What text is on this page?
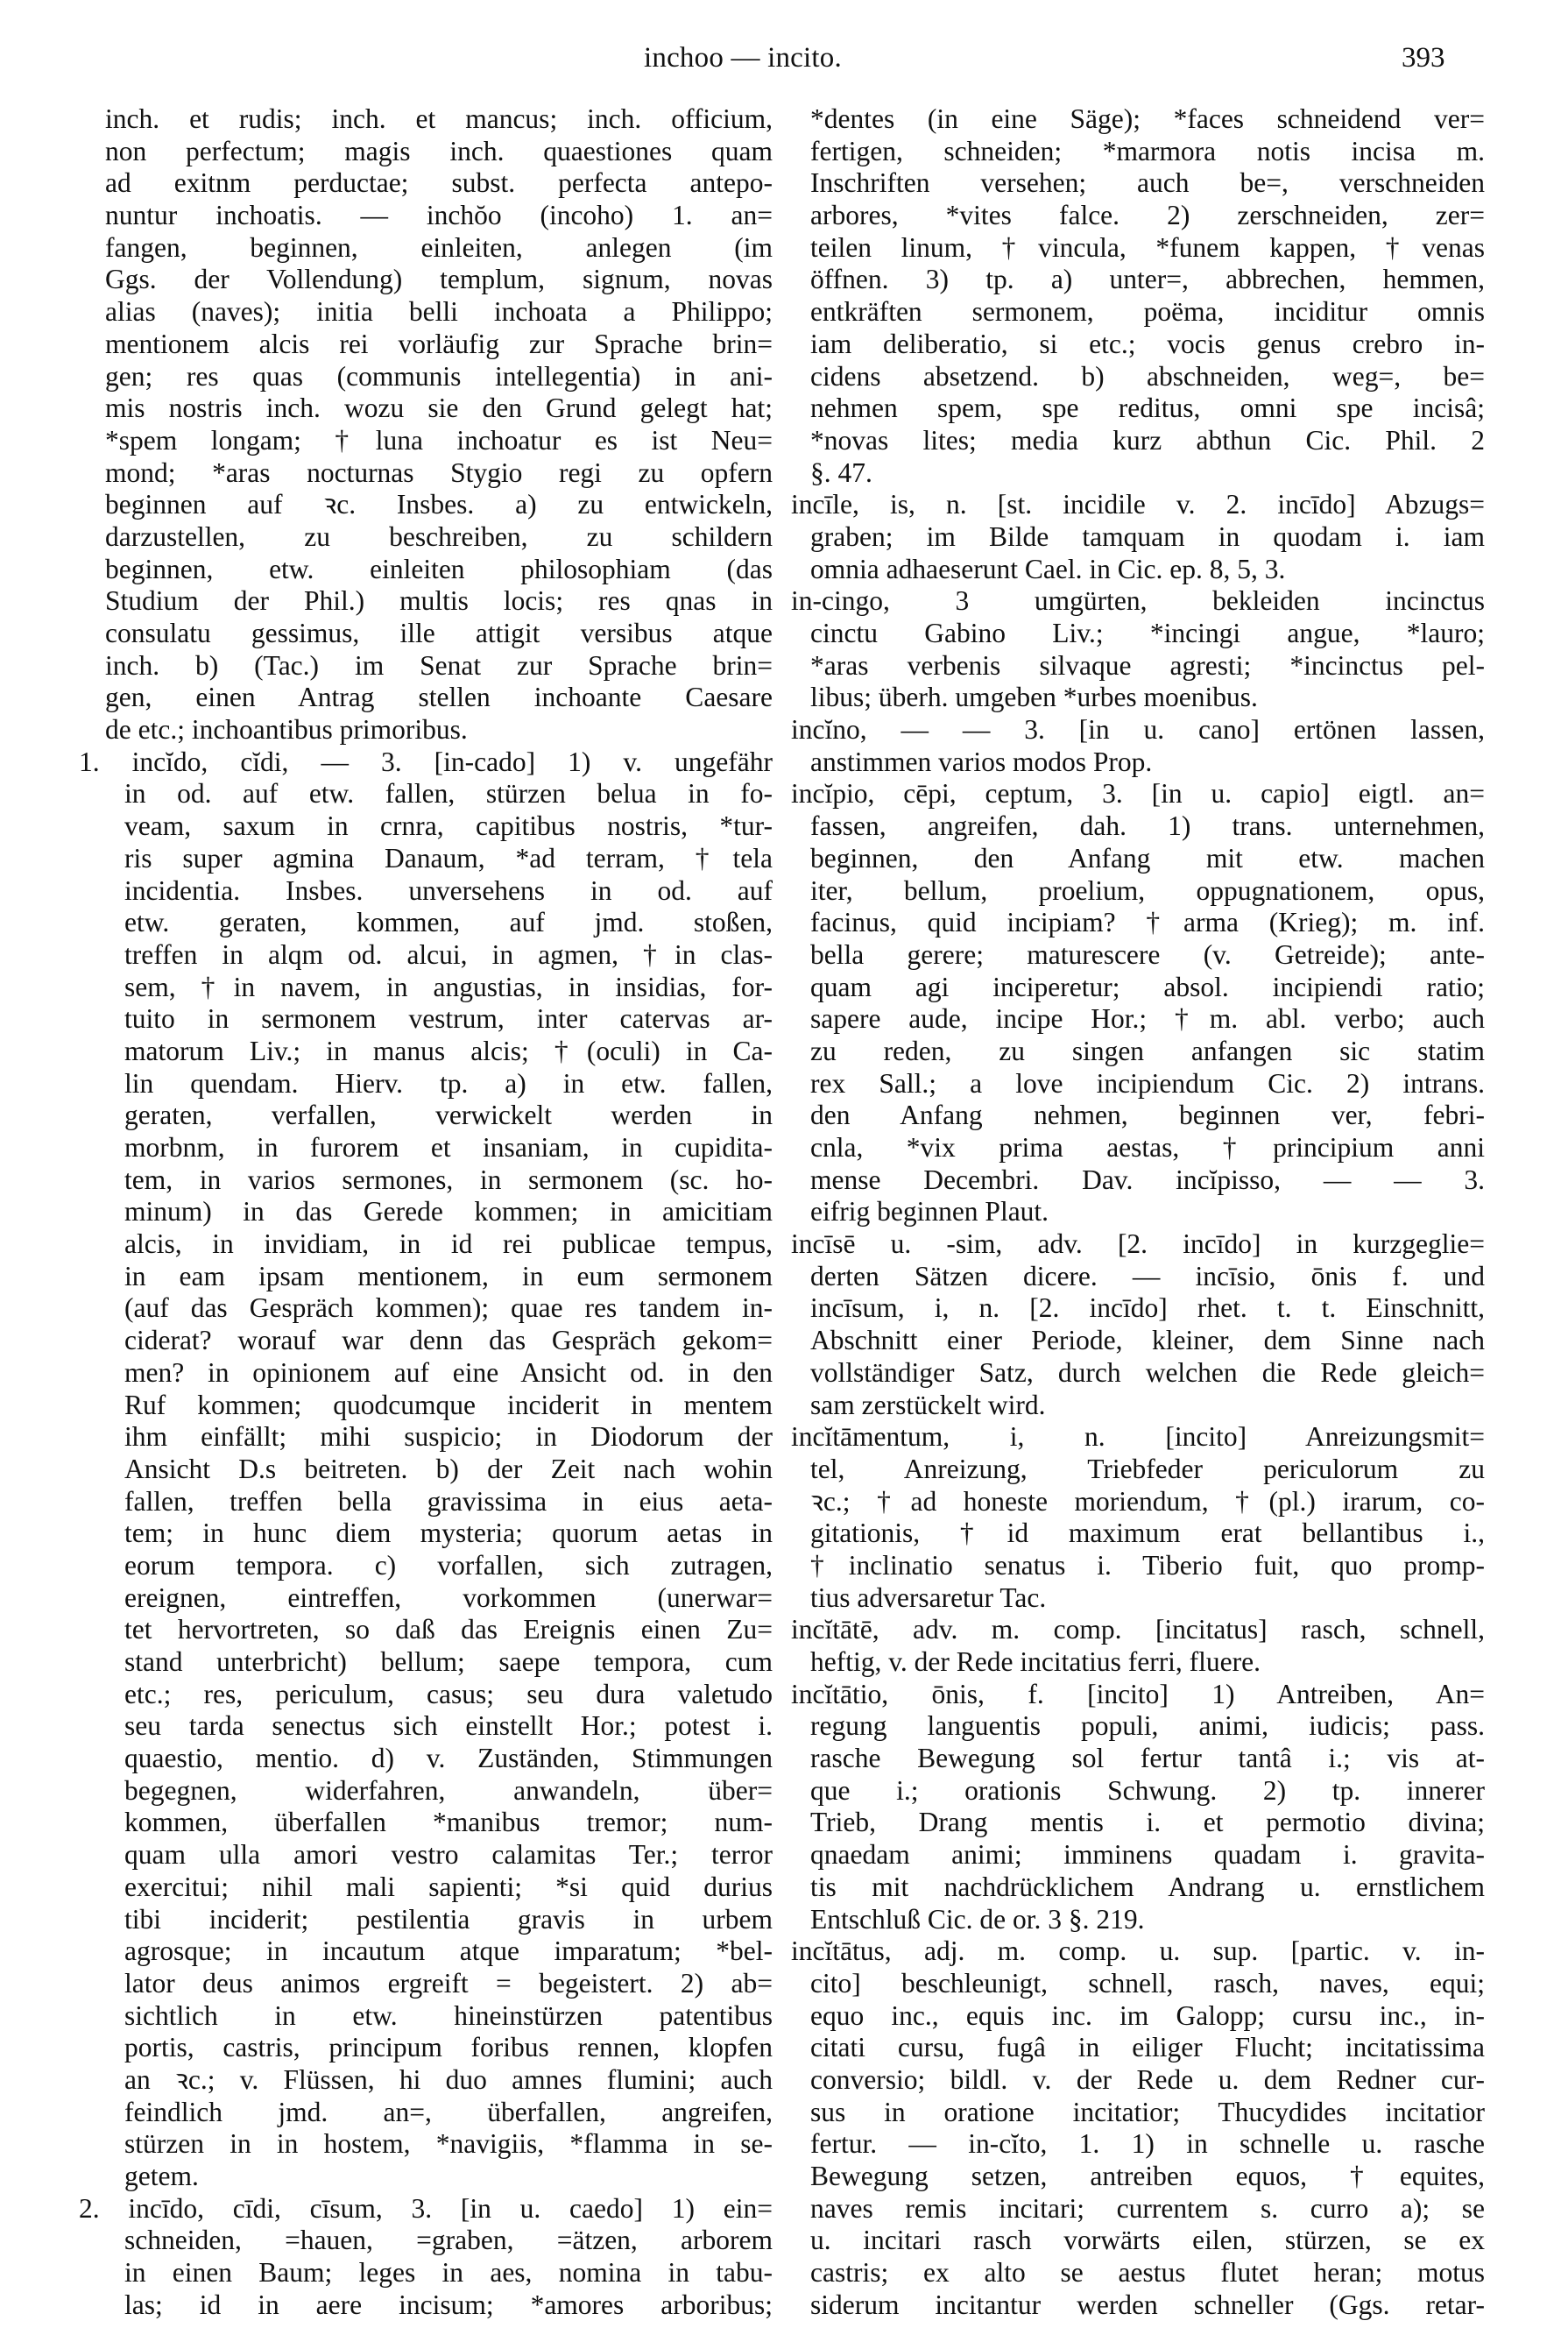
inchoo — incito.	393
inch. et rudis; inch. et mancus; inch. officium,
non perfectum; magis inch. quaestiones quam
ad exitnm perductae; subst. perfecta antepo-
nuntur inchoatis. — inchŏo (incoho) 1. an=
fangen, beginnen, einleiten, anlegen (im
Ggs. der Vollendung) templum, signum, novas
alias (naves); initia belli inchoata a Philippo;
mentionem alcis rei vorläufig zur Sprache brin=
gen; res quas (communis intellegentia) in ani-
mis nostris inch. wozu sie den Grund gelegt hat;
*spem longam; †luna inchoatur es ist Neu=
mond; *aras nocturnas Stygio regi zu opfern
beginnen auf ꝛc. Insbes. a) zu entwickeln,
darzustellen, zu beschreiben, zu schildern
beginnen, etw. einleiten philosophiam (das
Studium der Phil.) multis locis; res qnas in
consulatu gessimus, ille attigit versibus atque
inch. b) (Tac.) im Senat zur Sprache brin=
gen, einen Antrag stellen inchoante Caesare
de etc.; inchoantibus primoribus.
1. incĭdo, cĭdi, — 3. [in-cado] 1) v. ungefähr
in od. auf etw. fallen, stürzen belua in fo-
veam, saxum in crnra, capitibus nostris, *tur-
ris super agmina Danaum, *ad terram, †tela
incidentia. Insbes. unversehens in od. auf
etw. geraten, kommen, auf jmd. stoßen,
treffen in alqm od. alcui, in agmen, †in clas-
sem, †in navem, in angustias, in insidias, for-
tuito in sermonem vestrum, inter catervas ar-
matorum Liv.; in manus alcis; †(oculi) in Ca-
lin quendam. Hierv. tp. a) in etw. fallen,
geraten, verfallen, verwickelt werden in
morbnm, in furorem et insaniam, in cupidita-
tem, in varios sermones, in sermonem (sc. ho-
minum) in das Gerede kommen; in amicitiam
alcis, in invidiam, in id rei publicae tempus,
in eam ipsam mentionem, in eum sermonem
(auf das Gespräch kommen); quae res tandem in-
ciderat? worauf war denn das Gespräch gekom=
men? in opinionem auf eine Ansicht od. in den
Ruf kommen; quodcumque inciderit in mentem
ihm einfällt; mihi suspicio; in Diodorum der
Ansicht D.s beitreten. b) der Zeit nach wohin
fallen, treffen bella gravissima in eius aeta-
tem; in hunc diem mysteria; quorum aetas in
eorum tempora. c) vorfallen, sich zutragen,
ereignen, eintreffen, vorkommen (unerwar=
tet hervortreten, so daß das Ereignis einen Zu=
stand unterbricht) bellum; saepe tempora, cum
etc.; res, periculum, casus; seu dura valetudo
seu tarda senectus sich einstellt Hor.; potest i.
quaestio, mentio. d) v. Zuständen, Stimmungen
begegnen, widerfahren, anwandeln, über=
kommen, überfallen *manibus tremor; num-
quam ulla amori vestro calamitas Ter.; terror
exercitui; nihil mali sapienti; *si quid durius
tibi inciderit; pestilentia gravis in urbem
agrosque; in incautum atque imparatum; *bel-
lator deus animos ergreift = begeistert. 2) ab=
sichtlich in etw. hineinstürzen patentibus
portis, castris, principum foribus rennen, klopfen
an ꝛc.; v. Flüssen, hi duo amnes flumini; auch
feindlich jmd. an=, überfallen, angreifen,
stürzen in in hostem, *navigiis, *flamma in se-
getem.
2. incīdo, cīdi, cīsum, 3. [in u. caedo] 1) ein=
schneiden, =hauen, =graben, =ätzen, arborem
in einen Baum; leges in aes, nomina in tabu-
las; id in aere incisum; *amores arboribus;
*dentes (in eine Säge); *faces schneidend ver=
fertigen, schneiden; *marmora notis incisa m.
Inschriften versehen; auch be=, verschneiden
arbores, *vites falce. 2) zerschneiden, zer=
teilen linum, †vincula, *funem kappen, †venas
öffnen. 3) tp. a) unter=, abbrechen, hemmen,
entkräften sermonem, poëma, inciditur omnis
iam deliberatio, si etc.; vocis genus crebro in-
cidens absetzend. b) abschneiden, weg=, be=
nehmen spem, spe reditus, omni spe incisâ;
*novas lites; media kurz abthun Cic. Phil. 2
§. 47.
incīle, is, n. [st. incidile v. 2. incīdo] Abzugs=
graben; im Bilde tamquam in quodam i. iam
omnia adhaeserunt Cael. in Cic. ep. 8, 5, 3.
in-cingo, 3 umgürten, bekleiden incinctus
cinctu Gabino Liv.; *incingi angue, *lauro;
*aras verbenis silvaque agresti; *incinctus pel-
libus; überh. umgeben *urbes moenibus.
incĭno, — — 3. [in u. cano] ertönen lassen,
anstimmen varios modos Prop.
incĭpio, cēpi, ceptum, 3. [in u. capio] eigtl. an=
fassen, angreifen, dah. 1) trans. unternehmen,
beginnen, den Anfang mit etw. machen
iter, bellum, proelium, oppugnationem, opus,
facinus, quid incipiam? †arma (Krieg); m. inf.
bella gerere; maturescere (v. Getreide); ante-
quam agi inciperetur; absol. incipiendi ratio;
sapere aude, incipe Hor.; †m. abl. verbo; auch
zu reden, zu singen anfangen sic statim
rex Sall.; a love incipiendum Cic. 2) intrans.
den Anfang nehmen, beginnen ver, febri-
cnla, *vix prima aestas, †principium anni
mense Decembri. Dav. incĭpisso, — — 3.
eifrig beginnen Plaut.
incīsē u. -sim, adv. [2. incīdo] in kurzgeglie=
derten Sätzen dicere. — incīsio, ōnis f. und
incīsum, i, n. [2. incīdo] rhet. t. t. Einschnitt,
Abschnitt einer Periode, kleiner, dem Sinne nach
vollständiger Satz, durch welchen die Rede gleich=
sam zerstückelt wird.
incĭtāmentum, i, n. [incito] Anreizungsmit=
tel, Anreizung, Triebfeder periculorum zu
ꝛc.; †ad honeste moriendum, †(pl.) irarum, co-
gitationis, †id maximum erat bellantibus i.,
†inclinatio senatus i. Tiberio fuit, quo promp-
tius adversaretur Tac.
incĭtātē, adv. m. comp. [incitatus] rasch, schnell,
heftig, v. der Rede incitatius ferri, fluere.
incĭtātio, ōnis, f. [incito] 1) Antreiben, An=
regung languentis populi, animi, iudicis; pass.
rasche Bewegung sol fertur tantâ i.; vis at-
que i.; orationis Schwung. 2) tp. innerer
Trieb, Drang mentis i. et permotio divina;
qnaedam animi; imminens quadam i. gravita-
tis mit nachdrücklichem Andrang u. ernstlichem
Entschluß Cic. de or. 3 §. 219.
incĭtātus, adj. m. comp. u. sup. [partic. v. in-
cito] beschleunigt, schnell, rasch, naves, equi;
equo inc., equis inc. im Galopp; cursu inc., in-
citati cursu, fugâ in eiliger Flucht; incitatissima
conversio; bildl. v. der Rede u. dem Redner cur-
sus in oratione incitatior; Thucydides incitatior
fertur. — in-cĭto, 1. 1) in schnelle u. rasche
Bewegung setzen, antreiben equos, †equites,
naves remis incitari; currentem s. curro a); se
u. incitari rasch vorwärts eilen, stürzen, se ex
castris; ex alto se aestus flutet heran; motus
siderum incitantur werden schneller (Ggs. retar-
